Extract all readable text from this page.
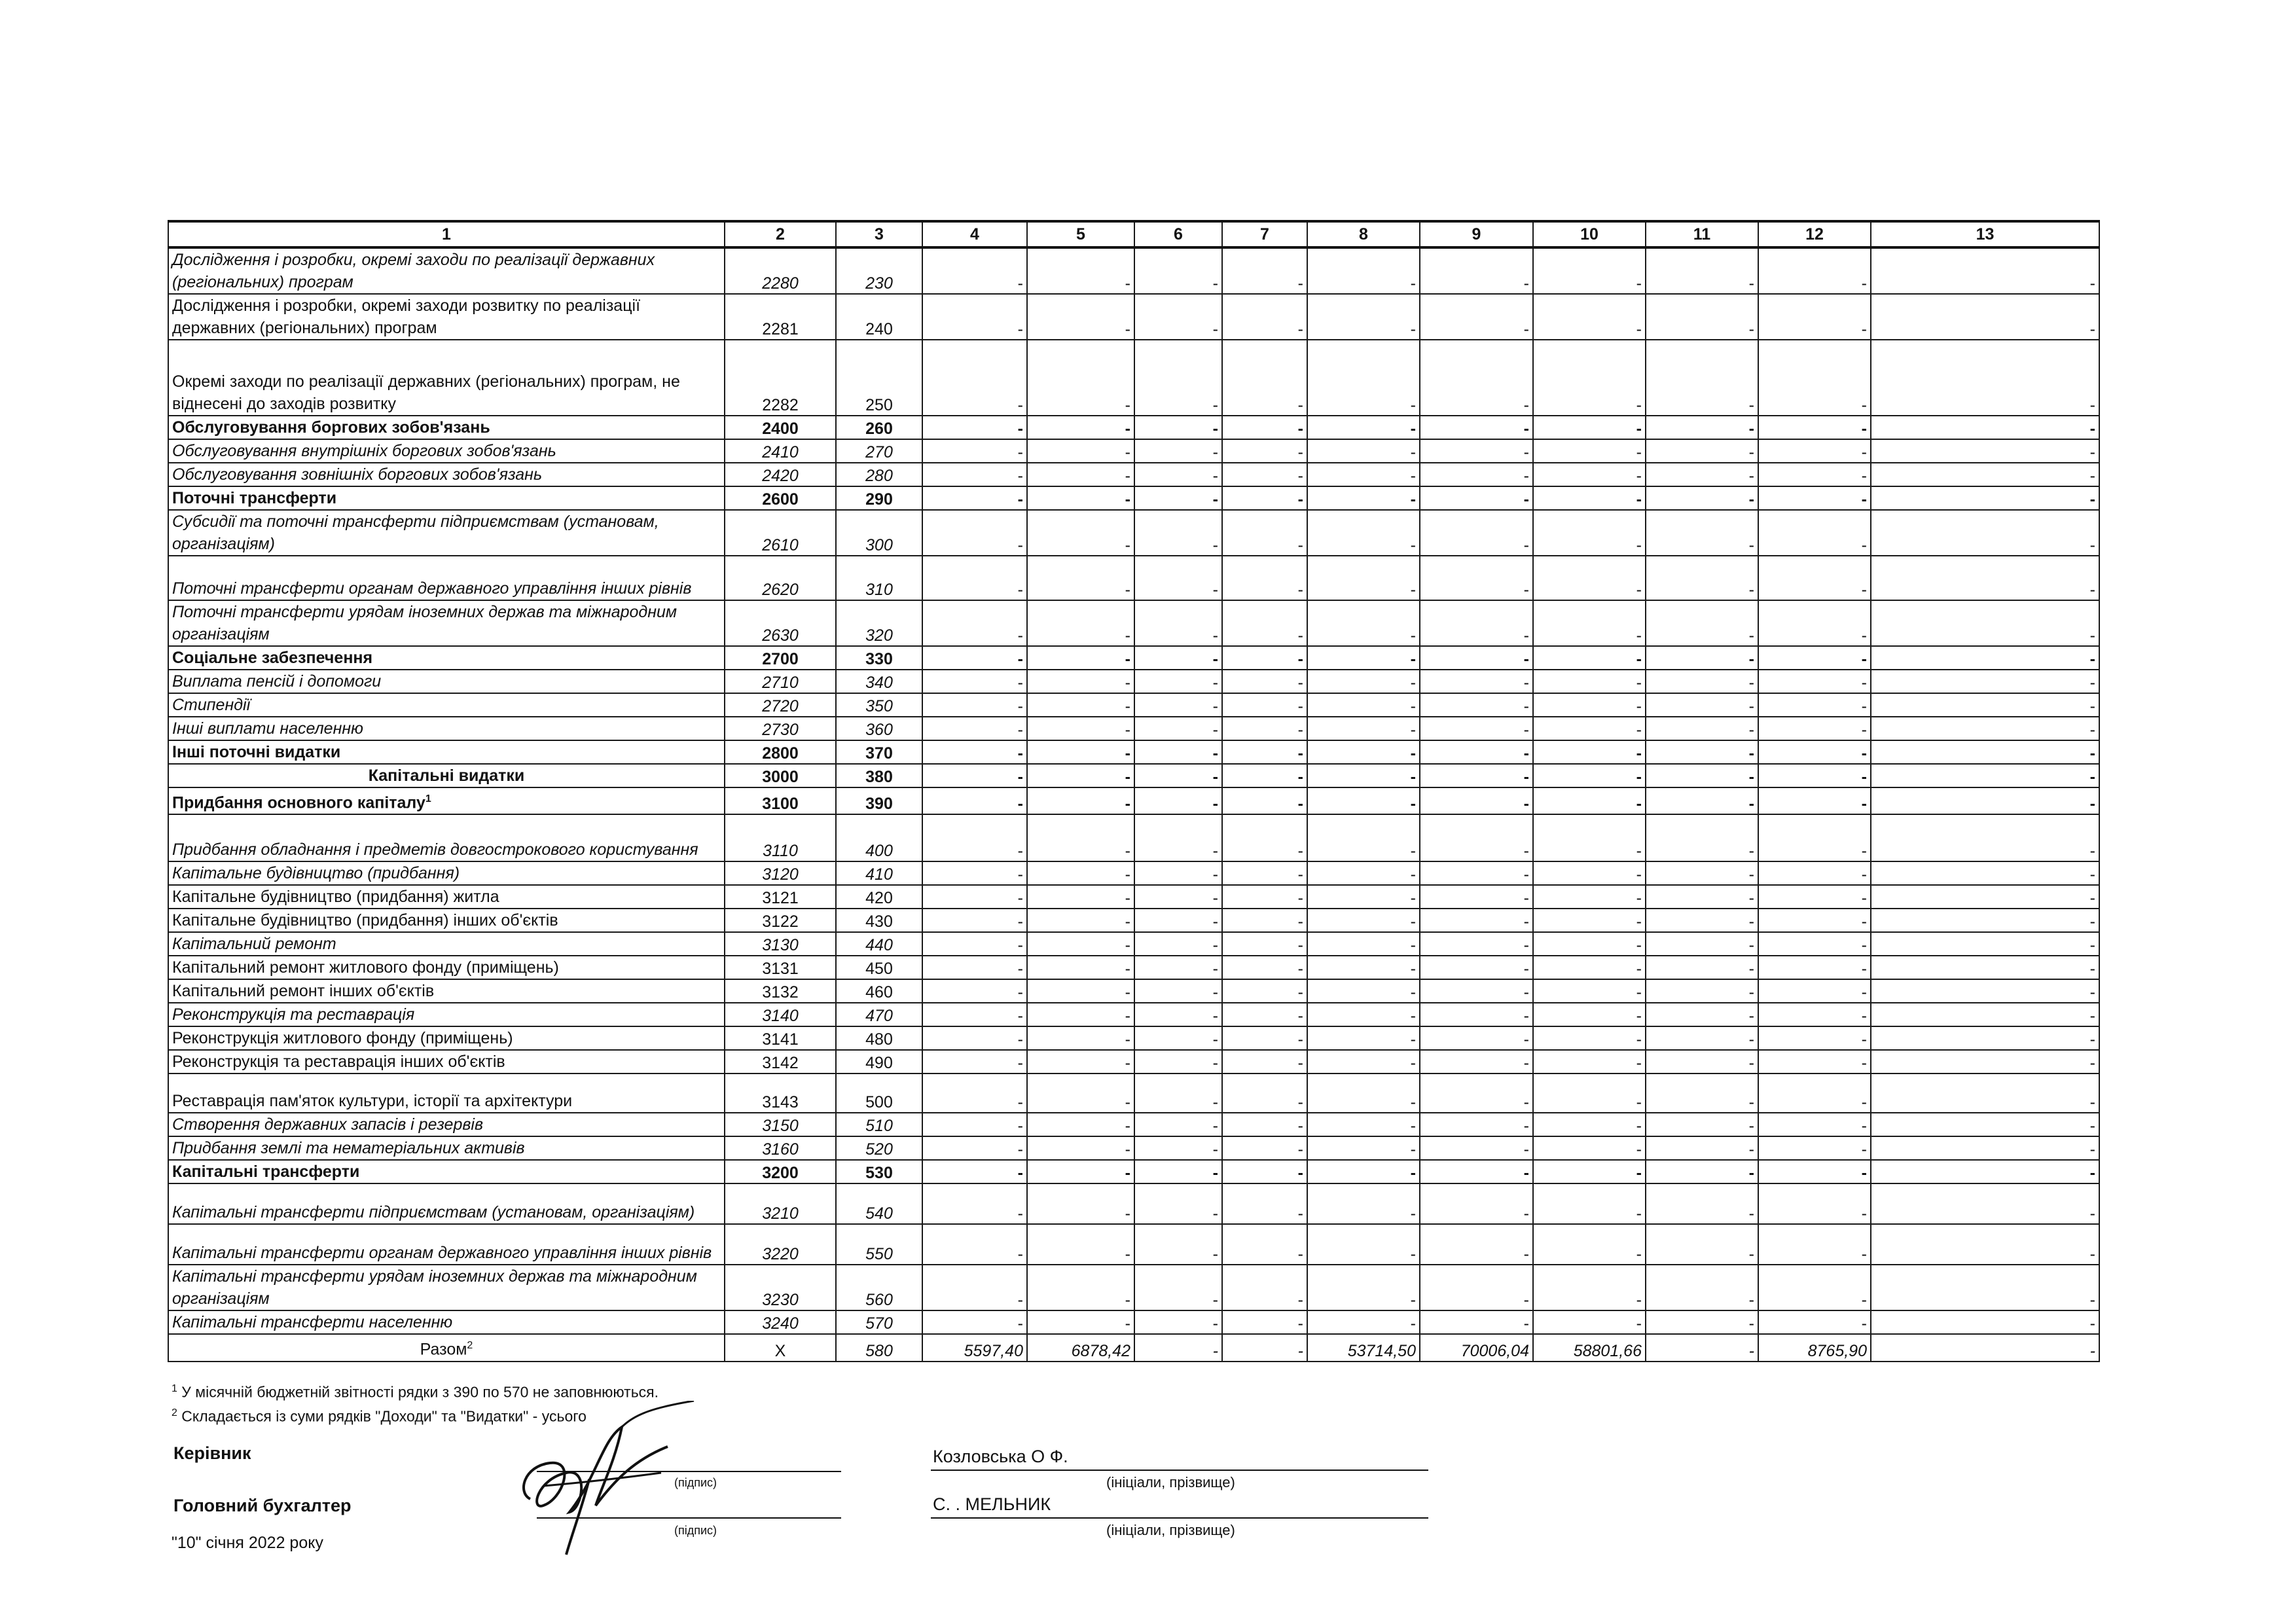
1	2	3	4	5	6	7	8	9	10	11	12	13
Дослідження і розробки, окремі заходи по реалізації державних (регіональних) програм	2280	230	-	-	-	-	-	-	-	-	-	-
Дослідження і розробки, окремі заходи розвитку по реалізації державних (регіональних) програм	2281	240	-	-	-	-	-	-	-	-	-	-
Окремі заходи по реалізації державних (регіональних) програм, не віднесені до заходів розвитку	2282	250	-	-	-	-	-	-	-	-	-	-
Обслуговування боргових зобов'язань	2400	260	-	-	-	-	-	-	-	-	-	-
Обслуговування внутрішніх боргових зобов'язань	2410	270	-	-	-	-	-	-	-	-	-	-
Обслуговування зовнішніх боргових зобов'язань	2420	280	-	-	-	-	-	-	-	-	-	-
Поточні трансферти	2600	290	-	-	-	-	-	-	-	-	-	-
Субсидії та поточні трансферти підприємствам (установам, організаціям)	2610	300	-	-	-	-	-	-	-	-	-	-
Поточні трансферти органам державного управління інших рівнів	2620	310	-	-	-	-	-	-	-	-	-	-
Поточні трансферти урядам іноземних держав та міжнародним організаціям	2630	320	-	-	-	-	-	-	-	-	-	-
Соціальне забезпечення	2700	330	-	-	-	-	-	-	-	-	-	-
Виплата пенсій і допомоги	2710	340	-	-	-	-	-	-	-	-	-	-
Стипендії	2720	350	-	-	-	-	-	-	-	-	-	-
Інші виплати населенню	2730	360	-	-	-	-	-	-	-	-	-	-
Інші поточні видатки	2800	370	-	-	-	-	-	-	-	-	-	-
Капітальні видатки	3000	380	-	-	-	-	-	-	-	-	-	-
Придбання основного капіталу$^1$	3100	390	-	-	-	-	-	-	-	-	-	-
Придбання обладнання і предметів довгострокового користування	3110	400	-	-	-	-	-	-	-	-	-	-
Капітальне будівництво (придбання)	3120	410	-	-	-	-	-	-	-	-	-	-
Капітальне будівництво (придбання) житла	3121	420	-	-	-	-	-	-	-	-	-	-
Капітальне будівництво (придбання) інших об'єктів	3122	430	-	-	-	-	-	-	-	-	-	-
Капітальний ремонт	3130	440	-	-	-	-	-	-	-	-	-	-
Капітальний ремонт житлового фонду (приміщень)	3131	450	-	-	-	-	-	-	-	-	-	-
Капітальний ремонт інших об'єктів	3132	460	-	-	-	-	-	-	-	-	-	-
Реконструкція та реставрація	3140	470	-	-	-	-	-	-	-	-	-	-
Реконструкція житлового фонду (приміщень)	3141	480	-	-	-	-	-	-	-	-	-	-
Реконструкція та реставрація інших об'єктів	3142	490	-	-	-	-	-	-	-	-	-	-
Реставрація пам'яток культури, історії та архітектури	3143	500	-	-	-	-	-	-	-	-	-	-
Створення державних запасів і резервів	3150	510	-	-	-	-	-	-	-	-	-	-
Придбання землі та нематеріальних активів	3160	520	-	-	-	-	-	-	-	-	-	-
Капітальні трансферти	3200	530	-	-	-	-	-	-	-	-	-	-
Капітальні трансферти підприємствам (установам, організаціям)	3210	540	-	-	-	-	-	-	-	-	-	-
Капітальні трансферти органам державного управління інших рівнів	3220	550	-	-	-	-	-	-	-	-	-	-
Капітальні трансферти урядам іноземних держав та міжнародним організаціям	3230	560	-	-	-	-	-	-	-	-	-	-
Капітальні трансферти населенню	3240	570	-	-	-	-	-	-	-	-	-	-
Разом$^2$	Х	580	5597,40	6878,42	-	-	53714,50	70006,04	58801,66	-	8765,90	-
$^1$ У місячній бюджетній звітності рядки з 390 по 570 не заповнюються.
$^2$ Складається із суми рядків "Доходи" та "Видатки" - усього
Керівник
(підпис)
Козловська О Ф.
(ініціали, прізвище)
Головний бухгалтер
(підпис)
С. . МЕЛЬНИК
(ініціали, прізвище)
"10" січня 2022 року
